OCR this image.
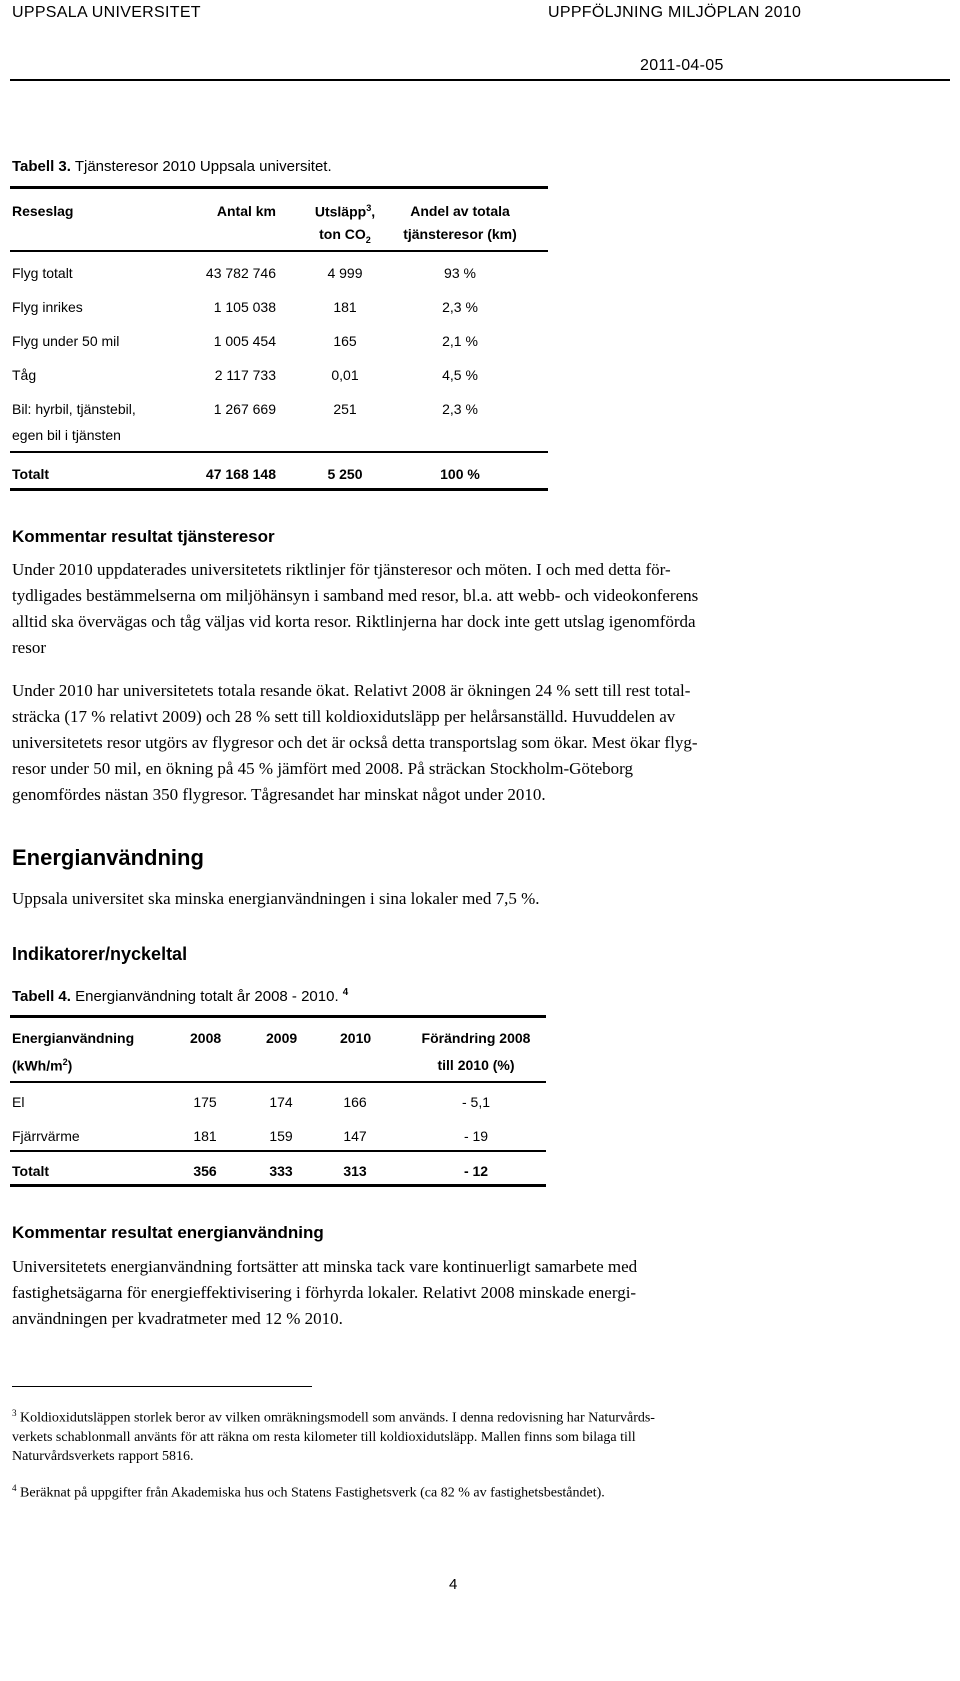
UPPSALA UNIVERSITET	UPPFÖLJNING MILJÖPLAN 2010
2011-04-05
Tabell 3. Tjänsteresor 2010 Uppsala universitet.
Reseslag	Antal km	Utsläpp$^3$,	Andel av totala
ton $CO_2$	tjänsteresor (km)
Flyg totalt	43 782 746	4 999	93 %
Flyg inrikes	1 105 038	181	2,3 %
Flyg under 50 mil	1 005 454	165	2,1 %
Tåg	2 117 733	0,01	4,5 %
Bil: hyrbil, tjänstebil,
egen bil i tjänsten
1 267 669	251	2,3 %
Totalt	47 168 148	5 250	100 %
Kommentar resultat tjänsteresor

Under 2010 uppdaterades universitetets riktlinjer för tjänsteresor och möten. I och med detta för-

tydligades bestämmelserna om miljöhänsyn i samband med resor, bl.a. att webb- och videokonferens

alltid ska övervägas och tåg väljas vid korta resor. Riktlinjerna har dock inte gett utslag igenomförda

resor

Under 2010 har universitetets totala resande ökat. Relativt 2008 är ökningen 24 % sett till rest total-

sträcka (17 % relativt 2009) och 28 % sett till koldioxidutsläpp per helårsanställd. Huvuddelen av

universitetets resor utgörs av flygresor och det är också detta transportslag som ökar. Mest ökar flyg-

resor under 50 mil, en ökning på 45 % jämfört med 2008. På sträckan Stockholm-Göteborg

genomfördes nästan 350 flygresor. Tågresandet har minskat något under 2010.

Energianvändning
Uppsala universitet ska minska energianvändningen i sina lokaler med 7,5 %.
Indikatorer/nyckeltal
Tabell 4. Energianvändning totalt år 2008 - 2010. $^4$
Energianvändning	2008	2009	2010	Förändring 2008
$(kWh/m^2)$	till 2010 (%)
El	175	174	166	- 5,1
Fjärrvärme	181	159	147	- 19
Totalt	356	333	313	- 12
Kommentar resultat energianvändning

Universitetets energianvändning fortsätter att minska tack vare kontinuerligt samarbete med

fastighetsägarna för energieffektivisering i förhyrda lokaler. Relativt 2008 minskade energi-

användningen per kvadratmeter med 12 % 2010.

$^3$ Koldioxidutsläppen storlek beror av vilken omräkningsmodell som används. I denna redovisning har Naturvårds-
verkets schablonmall använts för att räkna om resta kilometer till koldioxidutsläpp. Mallen finns som bilaga till
Naturvårdsverkets rapport 5816.
$^4$ Beräknat på uppgifter från Akademiska hus och Statens Fastighetsverk (ca 82 % av fastighetsbeståndet).
4
